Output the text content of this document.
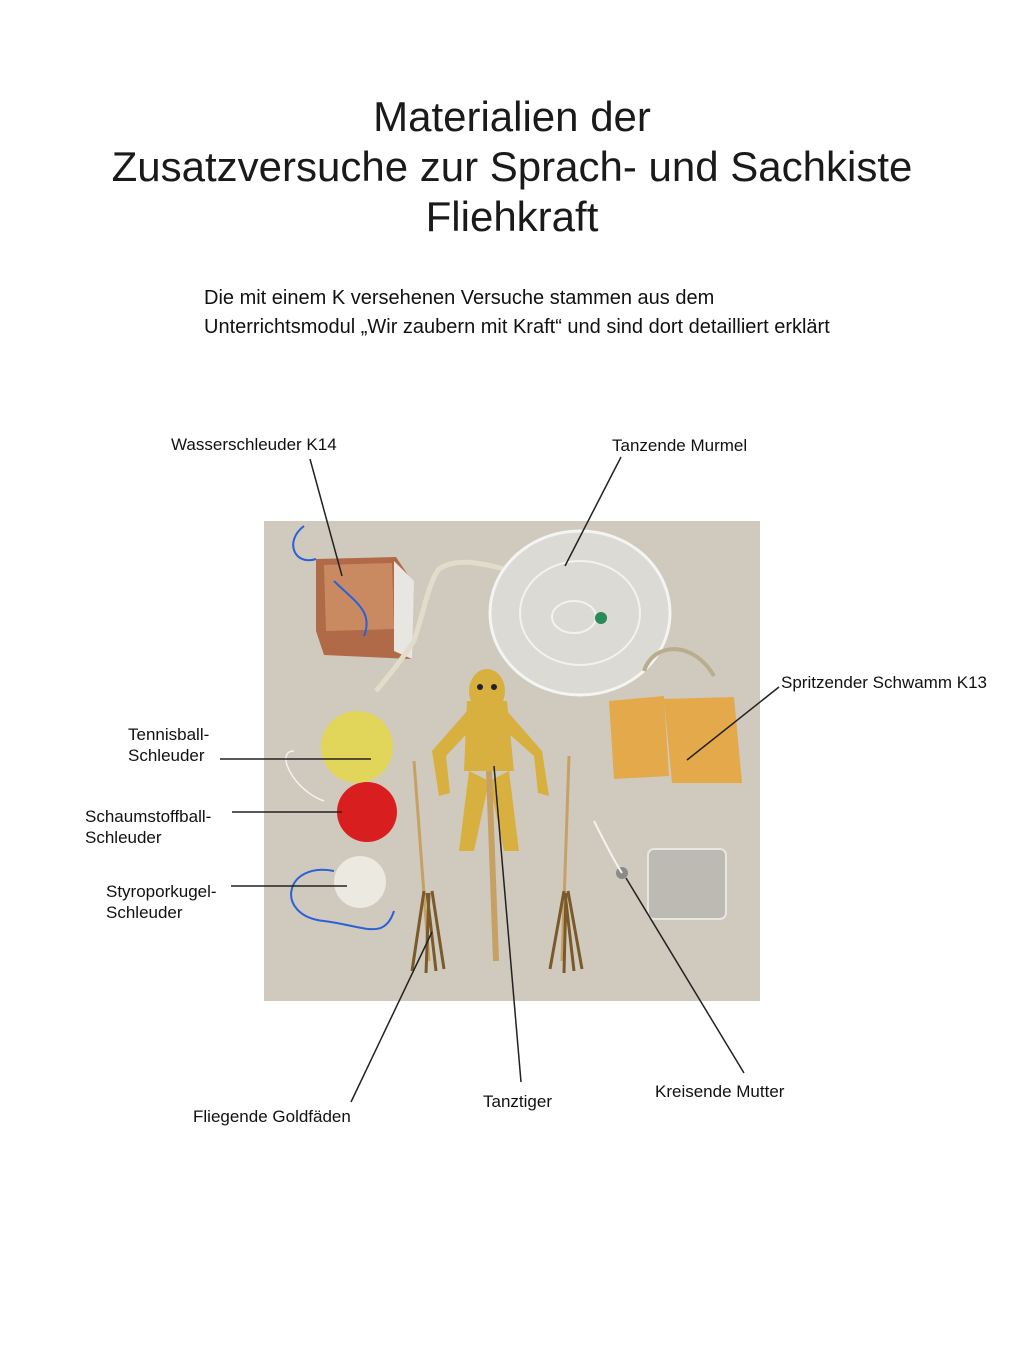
Materialien der
Zusatzversuche zur Sprach- und Sachkiste
Fliehkraft
Die mit einem K versehenen Versuche stammen aus dem
Unterrichtsmodul „Wir zaubern mit Kraft“ und sind dort detailliert erklärt
Wasserschleuder K14	Tanzende Murmel
Spritzender Schwamm K13
Tennisball-
Schleuder
Schaumstoffball-
Schleuder
Styroporkugel-
Schleuder
Fliegende Goldfäden
Tanztiger
Kreisende Mutter
